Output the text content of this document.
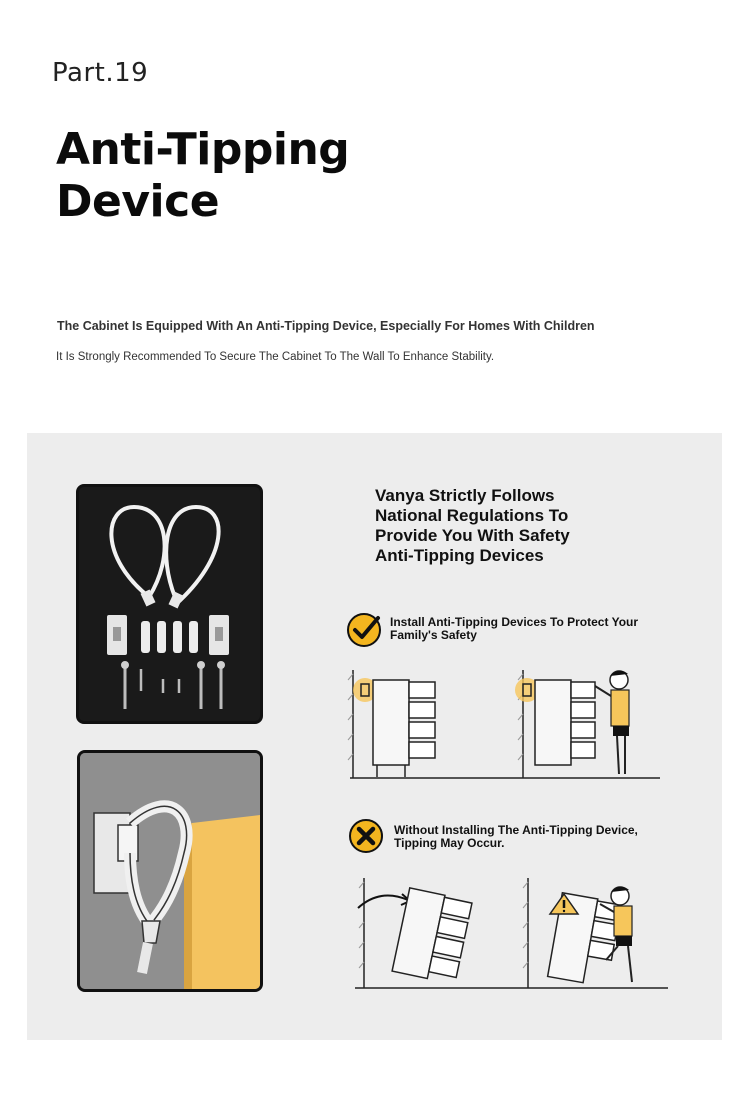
Part.19
Anti-Tipping
Device
The Cabinet Is Equipped With An Anti-Tipping Device, Especially For Homes With Children
It Is Strongly Recommended To Secure The Cabinet To The Wall To Enhance Stability.
Vanya Strictly Follows
National Regulations To
Provide You With Safety
Anti-Tipping Devices
Install Anti-Tipping Devices To Protect Your Family's Safety
Without Installing The Anti-Tipping Device, Tipping May Occur.
